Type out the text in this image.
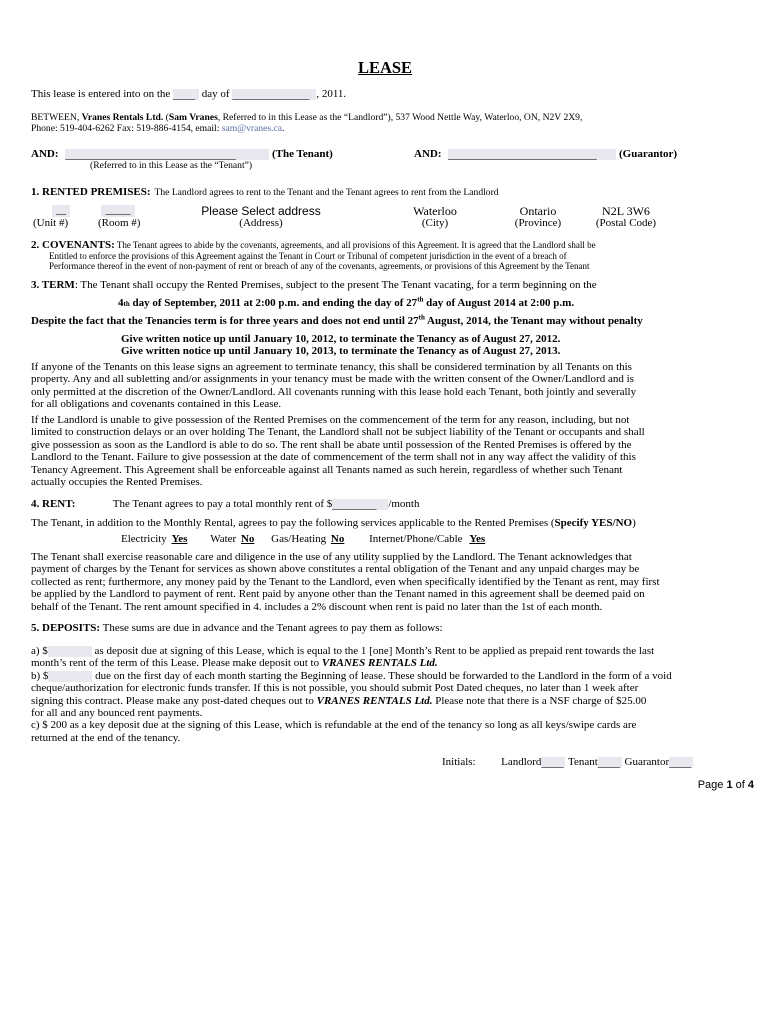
LEASE
This lease is entered into on the ____ day of ______________ , 2011.
BETWEEN, Vranes Rentals Ltd. (Sam Vranes, Referred to in this Lease as the “Landlord”), 537 Wood Nettle Way, Waterloo, ON, N2V 2X9,
Phone: 519-404-6262 Fax: 519-886-4154, email: sam@vranes.ca.
AND: _______________________________	(The Tenant)
(Referred to in this Lease as the “Tenant”)
AND: ___________________________ (Guarantor)
1. RENTED PREMISES: The Landlord agrees to rent to the Tenant and the Tenant agrees to rent from the Landlord
__	_____	Please Select address	Waterloo	Ontario	N2L 3W6
(Unit #)	(Room #)	(Address)	(City)	(Province)	(Postal Code)
2. COVENANTS: The Tenant agrees to abide by the covenants, agreements, and all provisions of this Agreement. It is agreed that the Landlord shall be
Entitled to enforce the provisions of this Agreement against the Tenant in Court or Tribunal of competent jurisdiction in the event of a breach of
Performance thereof in the event of non-payment of rent or breach of any of the covenants, agreements, or provisions of this Agreement by the Tenant
3. TERM: The Tenant shall occupy the Rented Premises, subject to the present The Tenant vacating, for a term beginning on the
4th day of September, 2011 at 2:00 p.m. and ending the day of 27th day of August 2014 at 2:00 p.m.
Despite the fact that the Tenancies term is for three years and does not end until 27th August, 2014, the Tenant may without penalty
Give written notice up until January 10, 2012, to terminate the Tenancy as of August 27, 2012.
Give written notice up until January 10, 2013, to terminate the Tenancy as of August 27, 2013.
If anyone of the Tenants on this lease signs an agreement to terminate tenancy, this shall be considered termination by all Tenants on this
property. Any and all subletting and/or assignments in your tenancy must be made with the written consent of the Owner/Landlord and is
only permitted at the discretion of the Owner/Landlord. All covenants running with this lease hold each Tenant, both jointly and severally
for all obligations and covenants contained in this Lease.
If the Landlord is unable to give possession of the Rented Premises on the commencement of the term for any reason, including, but not
limited to construction delays or an over holding The Tenant, the Landlord shall not be subject liability of the Tenant or occupants and shall
give possession as soon as the Landlord is able to do so. The rent shall be abate until possession of the Rented Premises is offered by the
Landlord to the Tenant. Failure to give possession at the date of commencement of the term shall not in any way affect the validity of this
Tenancy Agreement. This Agreement shall be enforceable against all Tenants named as such herein, regardless of whether such Tenant
actually occupies the Rented Premises.
4. RENT:	The Tenant agrees to pay a total monthly rent of $________ /month
The Tenant, in addition to the Monthly Rental, agrees to pay the following services applicable to the Rented Premises (Specify YES/NO)
Electricity Yes Water No Gas/Heating No Internet/Phone/Cable Yes
The Tenant shall exercise reasonable care and diligence in the use of any utility supplied by the Landlord. The Tenant acknowledges that
payment of charges by the Tenant for services as shown above constitutes a rental obligation of the Tenant and any unpaid charges may be
collected as rent; furthermore, any money paid by the Tenant to the Landlord, even when specifically identified by the Tenant as rent, may first
be applied by the Landlord to payment of rent. Rent paid by anyone other than the Tenant named in this agreement shall be deemed paid on
behalf of the Tenant. The rent amount specified in 4. includes a 2% discount when rent is paid no later than the 1st of each month.
5. DEPOSITS: These sums are due in advance and the Tenant agrees to pay them as follows:
a) $	as deposit due at signing of this Lease, which is equal to the 1 [one] Month’s Rent to be applied as prepaid rent towards the last
month’s rent of the term of this Lease. Please make deposit out to VRANES RENTALS Ltd.
b) $	due on the first day of each month starting the Beginning of lease. These should be forwarded to the Landlord in the form of a void
cheque/authorization for electronic funds transfer. If this is not possible, you should submit Post Dated cheques, no later than 1 week after
signing this contract. Please make any post-dated cheques out to VRANES RENTALS Ltd. Please note that there is a NSF charge of $25.00
for all and any bounced rent payments.
c) $ 200 as a key deposit due at the signing of this Lease, which is refundable at the end of the tenancy so long as all keys/swipe cards are
returned at the end of the tenancy.
Initials: Landlord____ Tenant____ Guarantor____
Page 1 of 4
